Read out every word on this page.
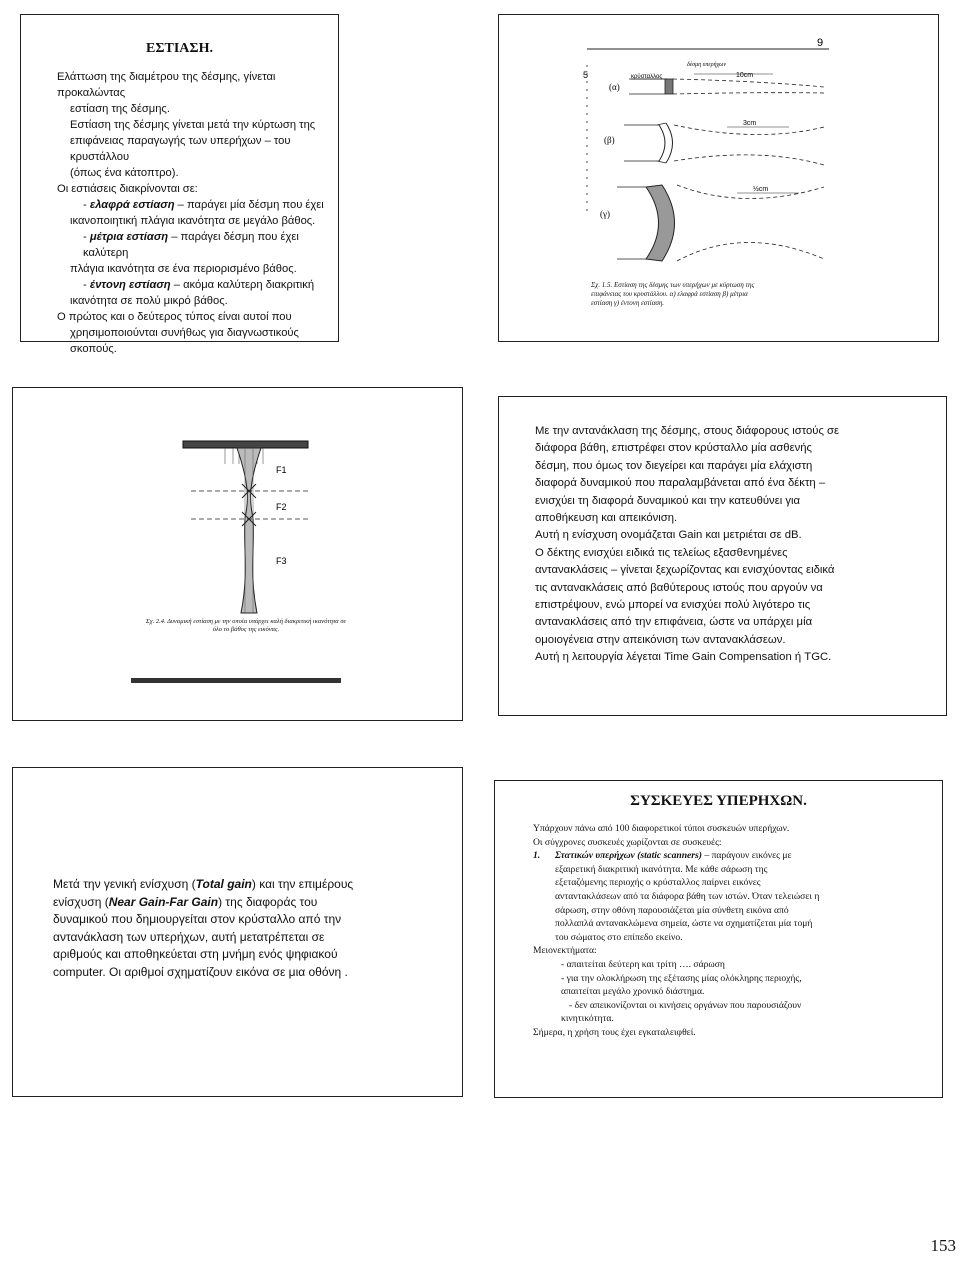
ΕΣΤΙΑΣΗ.

Ελάττωση της διαμέτρου της δέσμης, γίνεται προκαλώντας

εστίαση της δέσμης.

Εστίαση της δέσμης γίνεται μετά την κύρτωση της

επιφάνειας παραγωγής των υπερήχων – του κρυστάλλου

(όπως ένα κάτοπτρο).

Οι εστιάσεις διακρίνονται σε:

- ελαφρά εστίαση – παράγει μία δέσμη που έχει

ικανοποιητική πλάγια ικανότητα σε μεγάλο βάθος.

- μέτρια εστίαση – παράγει δέσμη που έχει καλύτερη

πλάγια ικανότητα σε ένα περιορισμένο βάθος.

- έντονη εστίαση – ακόμα καλύτερη διακριτική

ικανότητα σε πολύ μικρό βάθος.

Ο πρώτος και ο δεύτερος τύπος είναι αυτοί που

χρησιμοποιούνται συνήθως για διαγνωστικούς σκοπούς.

9
5
(α)
δέσμη υπερήχων
κρύσταλλος	10cm
(β)
3cm
(γ)
½cm
Σχ. 1.5. Εστίαση της δέσμης των υπερήχων με κύρτωση της επιφάνειας του κρυστάλλου. α) ελαφρά εστίαση β) μέτρια εστίαση γ) έντονη εστίαση.
F1
F2
F3
Σχ. 2.4. Δυναμική εστίαση με την οποία υπάρχει καλή διακριτική ικανότητα σε όλο το βάθος της εικόνας.

Με την αντανάκλαση της δέσμης, στους διάφορους ιστούς σε

διάφορα βάθη, επιστρέφει στον κρύσταλλο μία ασθενής

δέσμη, που όμως τον διεγείρει και παράγει μία ελάχιστη

διαφορά δυναμικού που παραλαμβάνεται από ένα δέκτη –

ενισχύει τη διαφορά δυναμικού και την κατευθύνει για

αποθήκευση και απεικόνιση.

Αυτή η ενίσχυση ονομάζεται Gain και μετριέται σε dB.

Ο δέκτης ενισχύει ειδικά τις τελείως εξασθενημένες

αντανακλάσεις – γίνεται ξεχωρίζοντας και ενισχύοντας ειδικά

τις αντανακλάσεις από βαθύτερους ιστούς που αργούν να

επιστρέψουν, ενώ μπορεί να ενισχύει πολύ λιγότερο τις

αντανακλάσεις από την επιφάνεια, ώστε να υπάρχει μία

ομοιογένεια στην απεικόνιση των αντανακλάσεων.

Αυτή η λειτουργία λέγεται Time Gain Compensation ή TGC.

Μετά την γενική ενίσχυση (Total gain) και την επιμέρους

ενίσχυση (Near Gain-Far Gain) της διαφοράς του

δυναμικού που δημιουργείται στον κρύσταλλο από την

αντανάκλαση των υπερήχων, αυτή μετατρέπεται σε

αριθμούς και αποθηκεύεται στη μνήμη ενός ψηφιακού

computer. Οι αριθμοί σχηματίζουν εικόνα σε μια οθόνη .

ΣΥΣΚΕΥΕΣ ΥΠΕΡΗΧΩΝ.

Υπάρχουν πάνω από 100 διαφορετικοί τύποι συσκευών υπερήχων.

Οι σύγχρονες συσκευές χωρίζονται σε συσκευές:

1. Στατικών υπερήχων (static scanners) – παράγουν εικόνες με

εξαιρετική διακριτική ικανότητα. Με κάθε σάρωση της

εξεταζόμενης περιοχής ο κρύσταλλος παίρνει εικόνες

ανταντακλάσεων από τα διάφορα βάθη των ιστών. Όταν τελειώσει η

σάρωση, στην οθόνη παρουσιάζεται μία σύνθετη εικόνα από

πολλαπλά αντανακλώμενα σημεία, ώστε να σχηματίζεται μία τομή

του σώματος στο επίπεδο εκείνο.

Μειονεκτήματα:

- απαιτείται δεύτερη και τρίτη …. σάρωση

- για την ολοκλήρωση της εξέτασης μίας ολόκληρης περιοχής,

απαιτείται μεγάλο χρονικό διάστημα.

- δεν απεικονίζονται οι κινήσεις οργάνων που παρουσιάζουν

κινητικότητα.

Σήμερα, η χρήση τους έχει εγκαταλειφθεί.

153
